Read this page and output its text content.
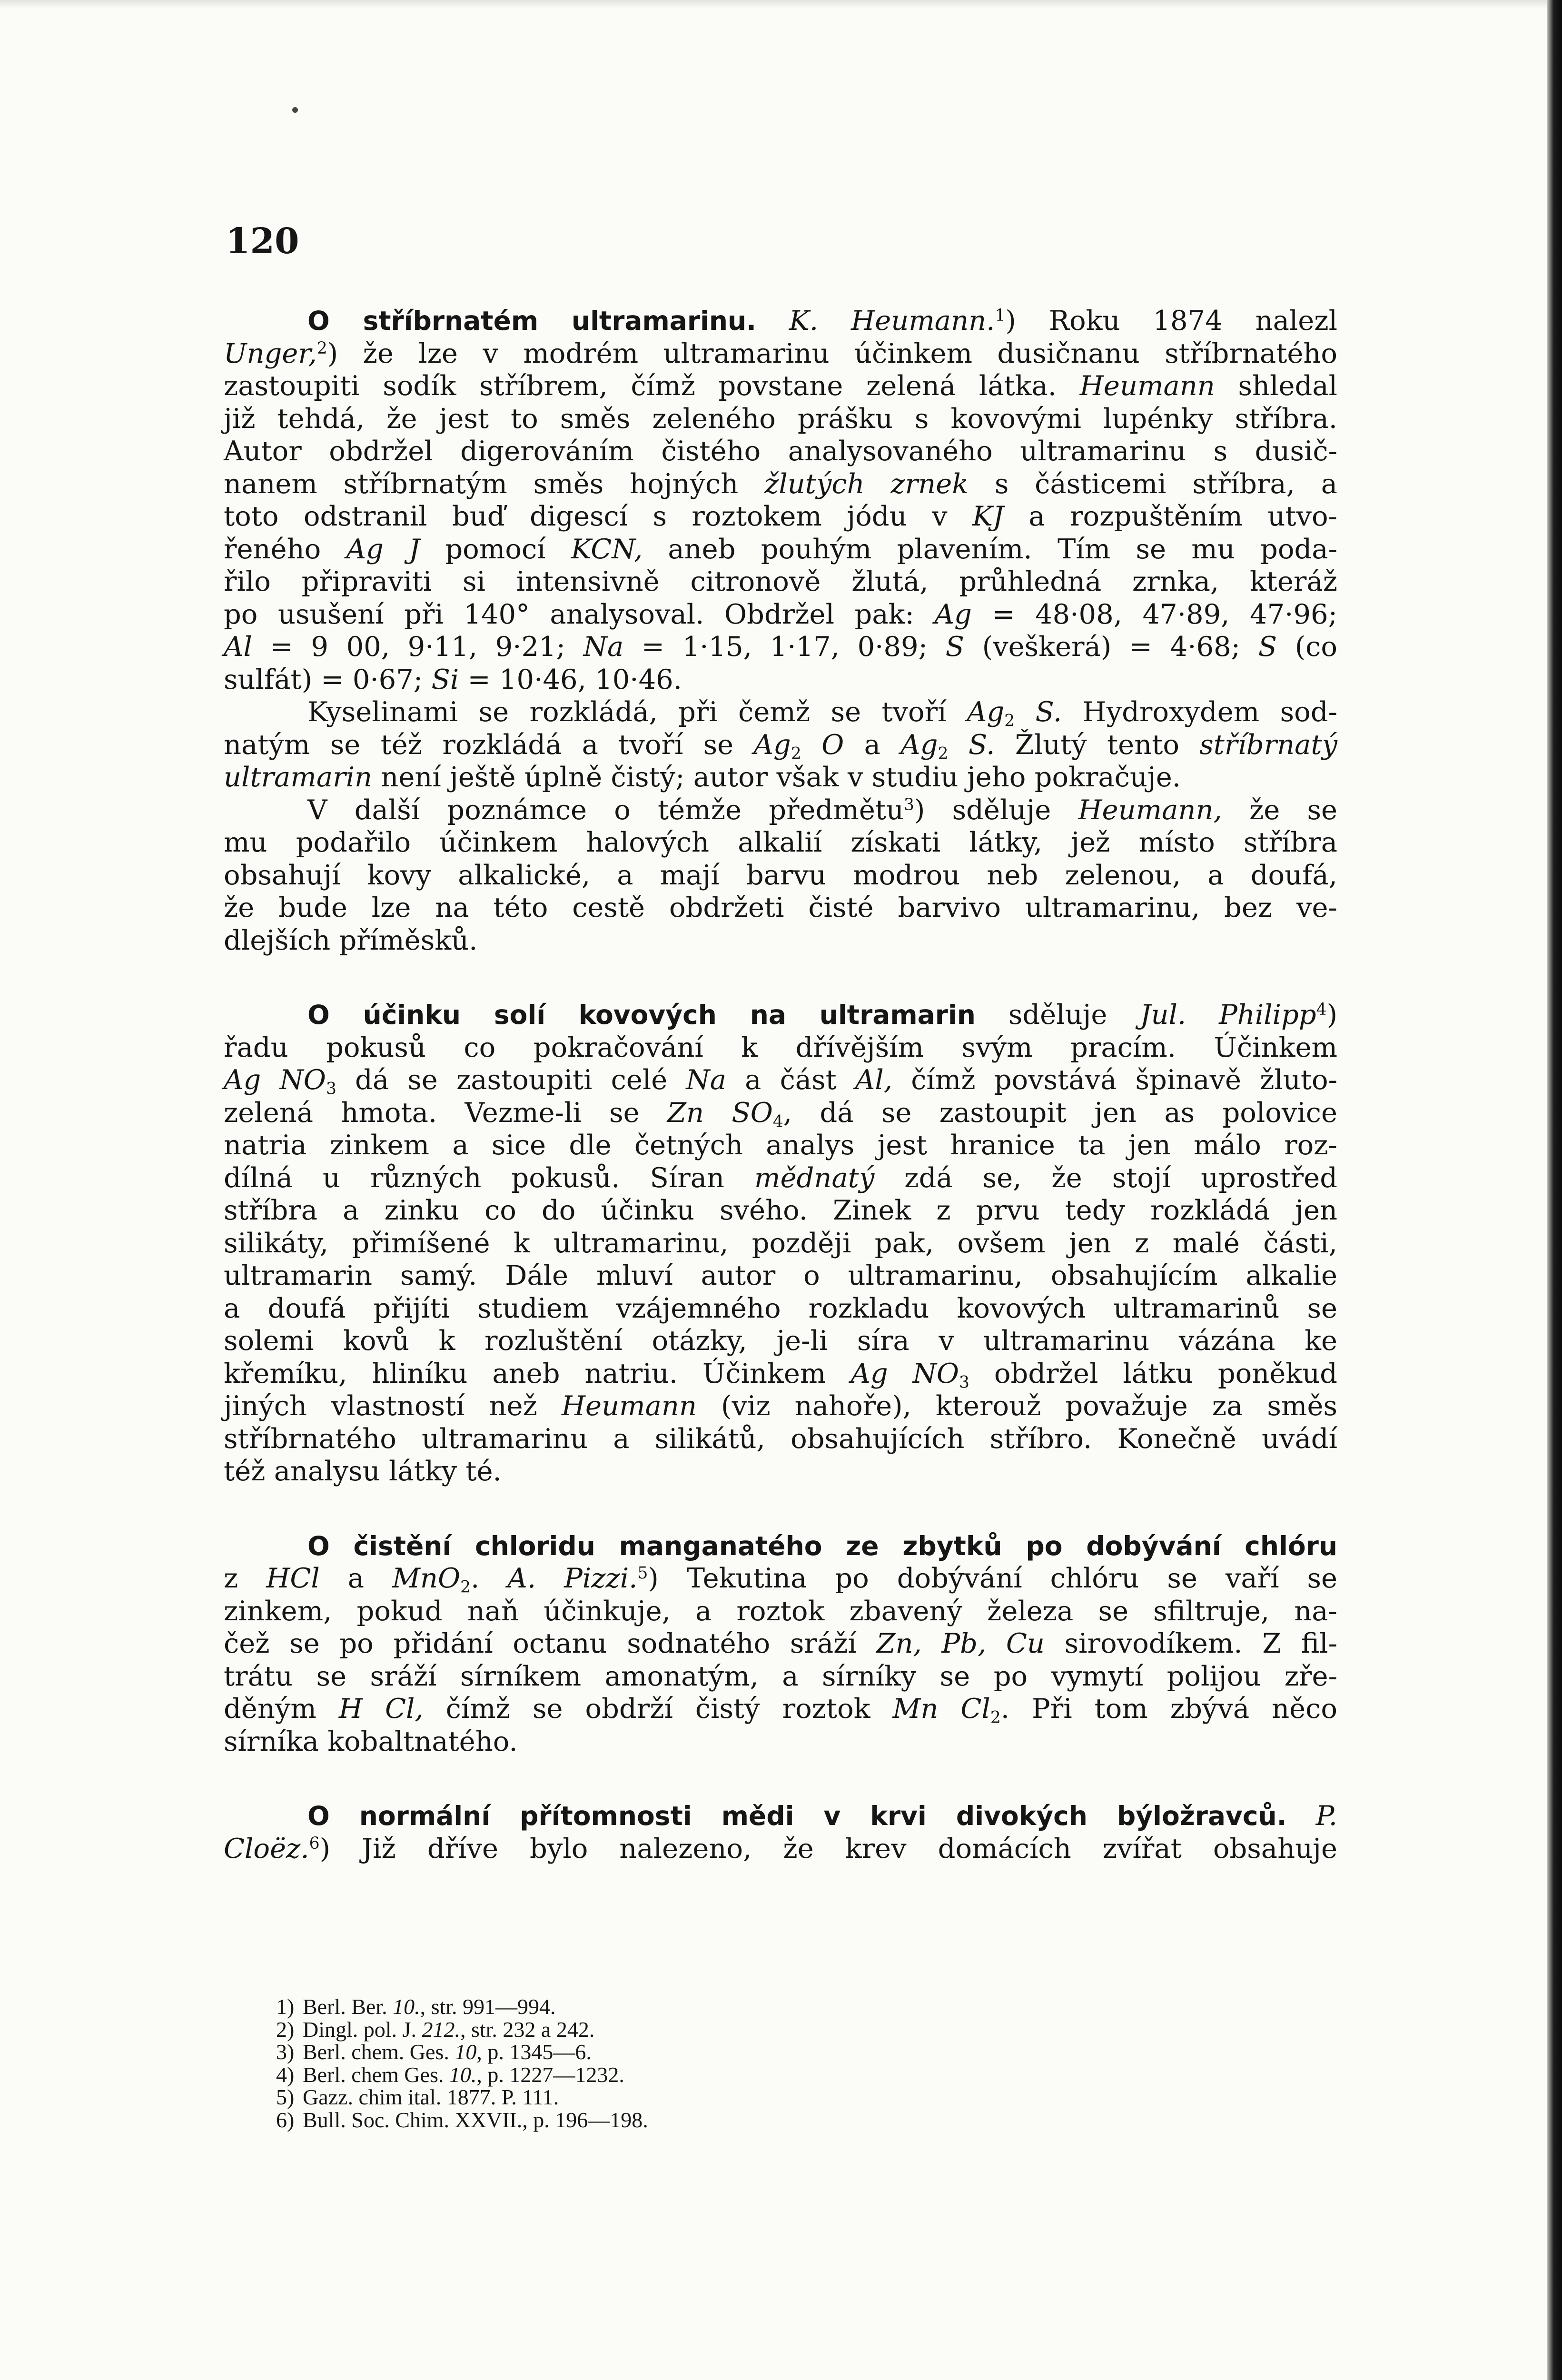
120
O stříbrnatém ultramarinu. K. Heumann.$^1$) Roku 1874 nalezl
Unger,$^2$) že lze v modrém ultramarinu účinkem dusičnanu stříbrnatého
zastoupiti sodík stříbrem, čímž povstane zelená látka. Heumann shledal
již tehdá, že jest to směs zeleného prášku s kovovými lupénky stříbra.
Autor obdržel digerováním čistého analysovaného ultramarinu s dusič-
nanem stříbrnatým směs hojných žlutých zrnek s částicemi stříbra, a
toto odstranil buď digescí s roztokem jódu v KJ a rozpuštěním utvo-
řeného Ag J pomocí KCN, aneb pouhým plavením. Tím se mu poda-
řilo připraviti si intensivně citronově žlutá, průhledná zrnka, kteráž
po usušení při 140° analysoval. Obdržel pak: Ag = 48·08, 47·89, 47·96;
Al = 9 00, 9·11, 9·21; Na = 1·15, 1·17, 0·89; S (veškerá) = 4·68; S (co
sulfát) = 0·67; Si = 10·46, 10·46.
Kyselinami se rozkládá, při čemž se tvoří $Ag_2$ S. Hydroxydem sod-
natým se též rozkládá a tvoří se $Ag_2$ O a $Ag_2$ S. Žlutý tento stříbrnatý
ultramarin není ještě úplně čistý; autor však v studiu jeho pokračuje.
V další poznámce o témže předmětu$^3$) sděluje Heumann, že se
mu podařilo účinkem halových alkalií získati látky, jež místo stříbra
obsahují kovy alkalické, a mají barvu modrou neb zelenou, a doufá,
že bude lze na této cestě obdržeti čisté barvivo ultramarinu, bez ve-
dlejších příměsků.
O účinku solí kovových na ultramarin sděluje Jul. Philipp$^4$)
řadu pokusů co pokračování k dřívějším svým pracím. Účinkem
Ag $NO_3$ dá se zastoupiti celé Na a část Al, čímž povstává špinavě žluto-
zelená hmota. Vezme-li se Zn $SO_4$, dá se zastoupit jen as polovice
natria zinkem a sice dle četných analys jest hranice ta jen málo roz-
dílná u různých pokusů. Síran mědnatý zdá se, že stojí uprostřed
stříbra a zinku co do účinku svého. Zinek z prvu tedy rozkládá jen
silikáty, přimíšené k ultramarinu, později pak, ovšem jen z malé části,
ultramarin samý. Dále mluví autor o ultramarinu, obsahujícím alkalie
a doufá přijíti studiem vzájemného rozkladu kovových ultramarinů se
solemi kovů k rozluštění otázky, je-li síra v ultramarinu vázána ke
křemíku, hliníku aneb natriu. Účinkem Ag $NO_3$ obdržel látku poněkud
jiných vlastností než Heumann (viz nahoře), kterouž považuje za směs
stříbrnatého ultramarinu a silikátů, obsahujících stříbro. Konečně uvádí
též analysu látky té.
O čistění chloridu manganatého ze zbytků po dobývání chlóru
z HCl a MnO$_2$. A. Pizzi.$^5$) Tekutina po dobývání chlóru se vaří se
zinkem, pokud naň účinkuje, a roztok zbavený železa se sfiltruje, na-
čež se po přidání octanu sodnatého sráží Zn, Pb, Cu sirovodíkem. Z fil-
trátu se sráží sírníkem amonatým, a sírníky se po vymytí polijou zře-
děným H Cl, čímž se obdrží čistý roztok Mn $Cl_2$. Při tom zbývá něco
sírníka kobaltnatého.
O normální přítomnosti mědi v krvi divokých býložravců. P.
Cloëz.$^6$) Již dříve bylo nalezeno, že krev domácích zvířat obsahuje
1) Berl. Ber. 10., str. 991—994.
2) Dingl. pol. J. 212., str. 232 a 242.
3) Berl. chem. Ges. 10, p. 1345—6.
4) Berl. chem Ges. 10., p. 1227—1232.
5) Gazz. chim ital. 1877. P. 111.
6) Bull. Soc. Chim. XXVII., p. 196—198.
